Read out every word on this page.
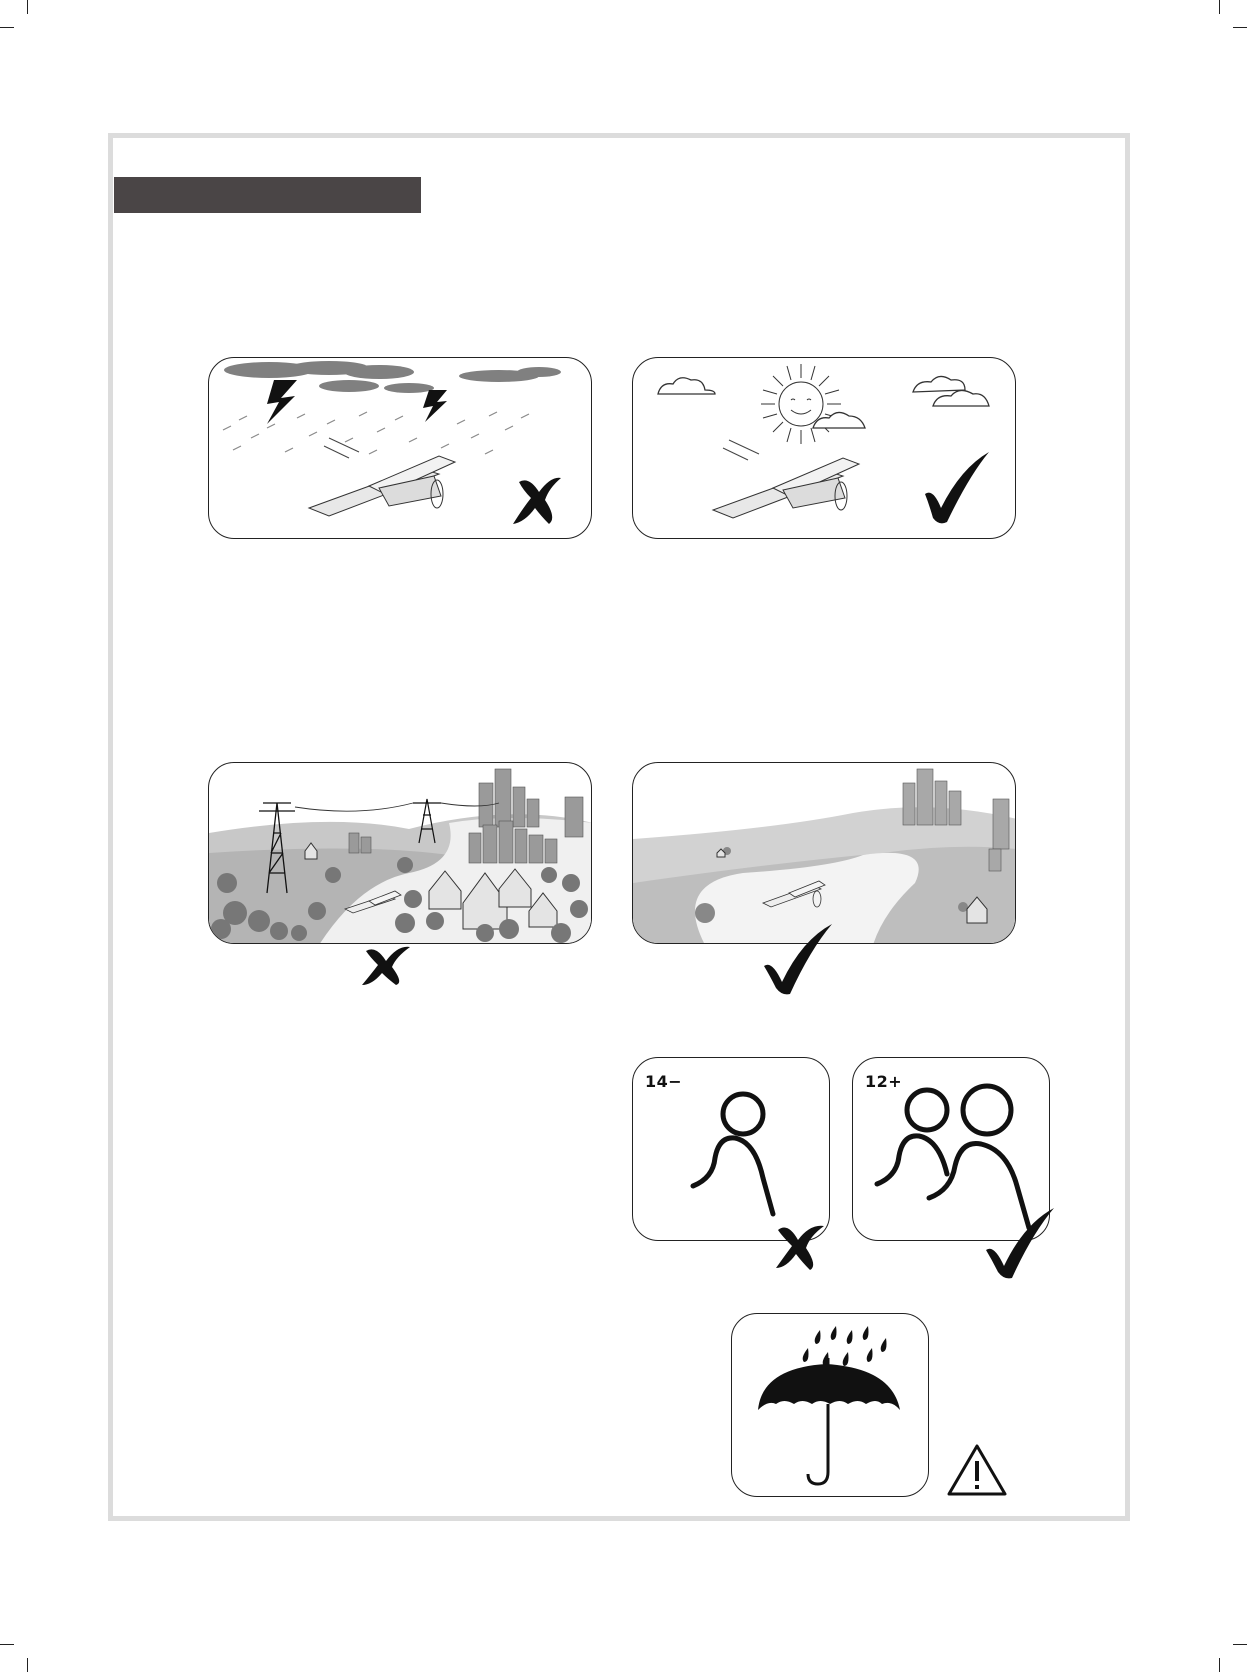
14−	12+
